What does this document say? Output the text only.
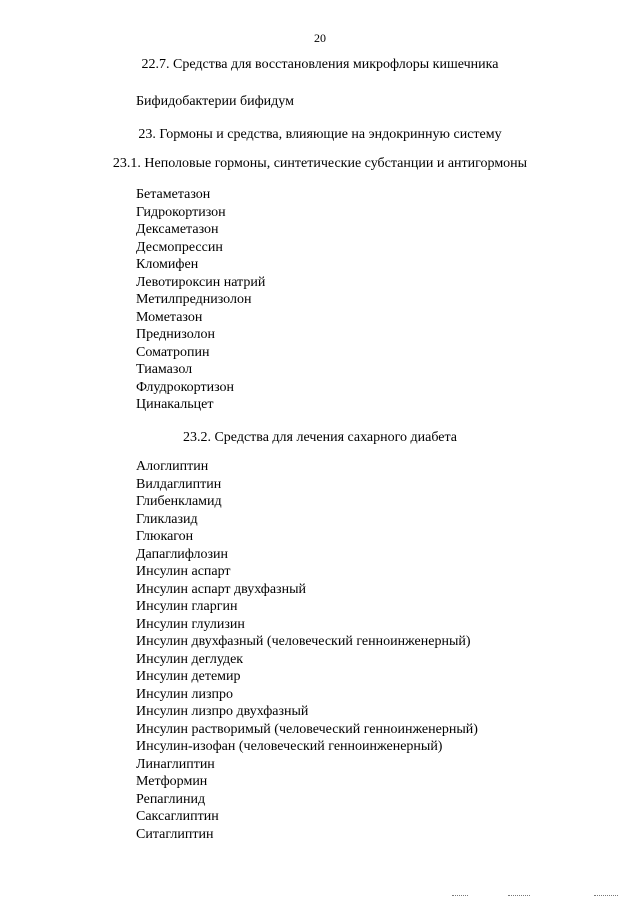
20
22.7. Средства для восстановления микрофлоры кишечника
Бифидобактерии бифидум
23. Гормоны и средства, влияющие на эндокринную систему
23.1. Неполовые гормоны, синтетические субстанции и антигормоны
Бетаметазон
Гидрокортизон
Дексаметазон
Десмопрессин
Кломифен
Левотироксин натрий
Метилпреднизолон
Мометазон
Преднизолон
Соматропин
Тиамазол
Флудрокортизон
Цинакальцет
23.2. Средства для лечения сахарного диабета
Алоглиптин
Вилдаглиптин
Глибенкламид
Гликлазид
Глюкагон
Дапаглифлозин
Инсулин аспарт
Инсулин аспарт двухфазный
Инсулин гларгин
Инсулин глулизин
Инсулин двухфазный (человеческий генноинженерный)
Инсулин деглудек
Инсулин детемир
Инсулин лизпро
Инсулин лизпро двухфазный
Инсулин растворимый (человеческий генноинженерный)
Инсулин-изофан (человеческий генноинженерный)
Линаглиптин
Метформин
Репаглинид
Саксаглиптин
Ситаглиптин
